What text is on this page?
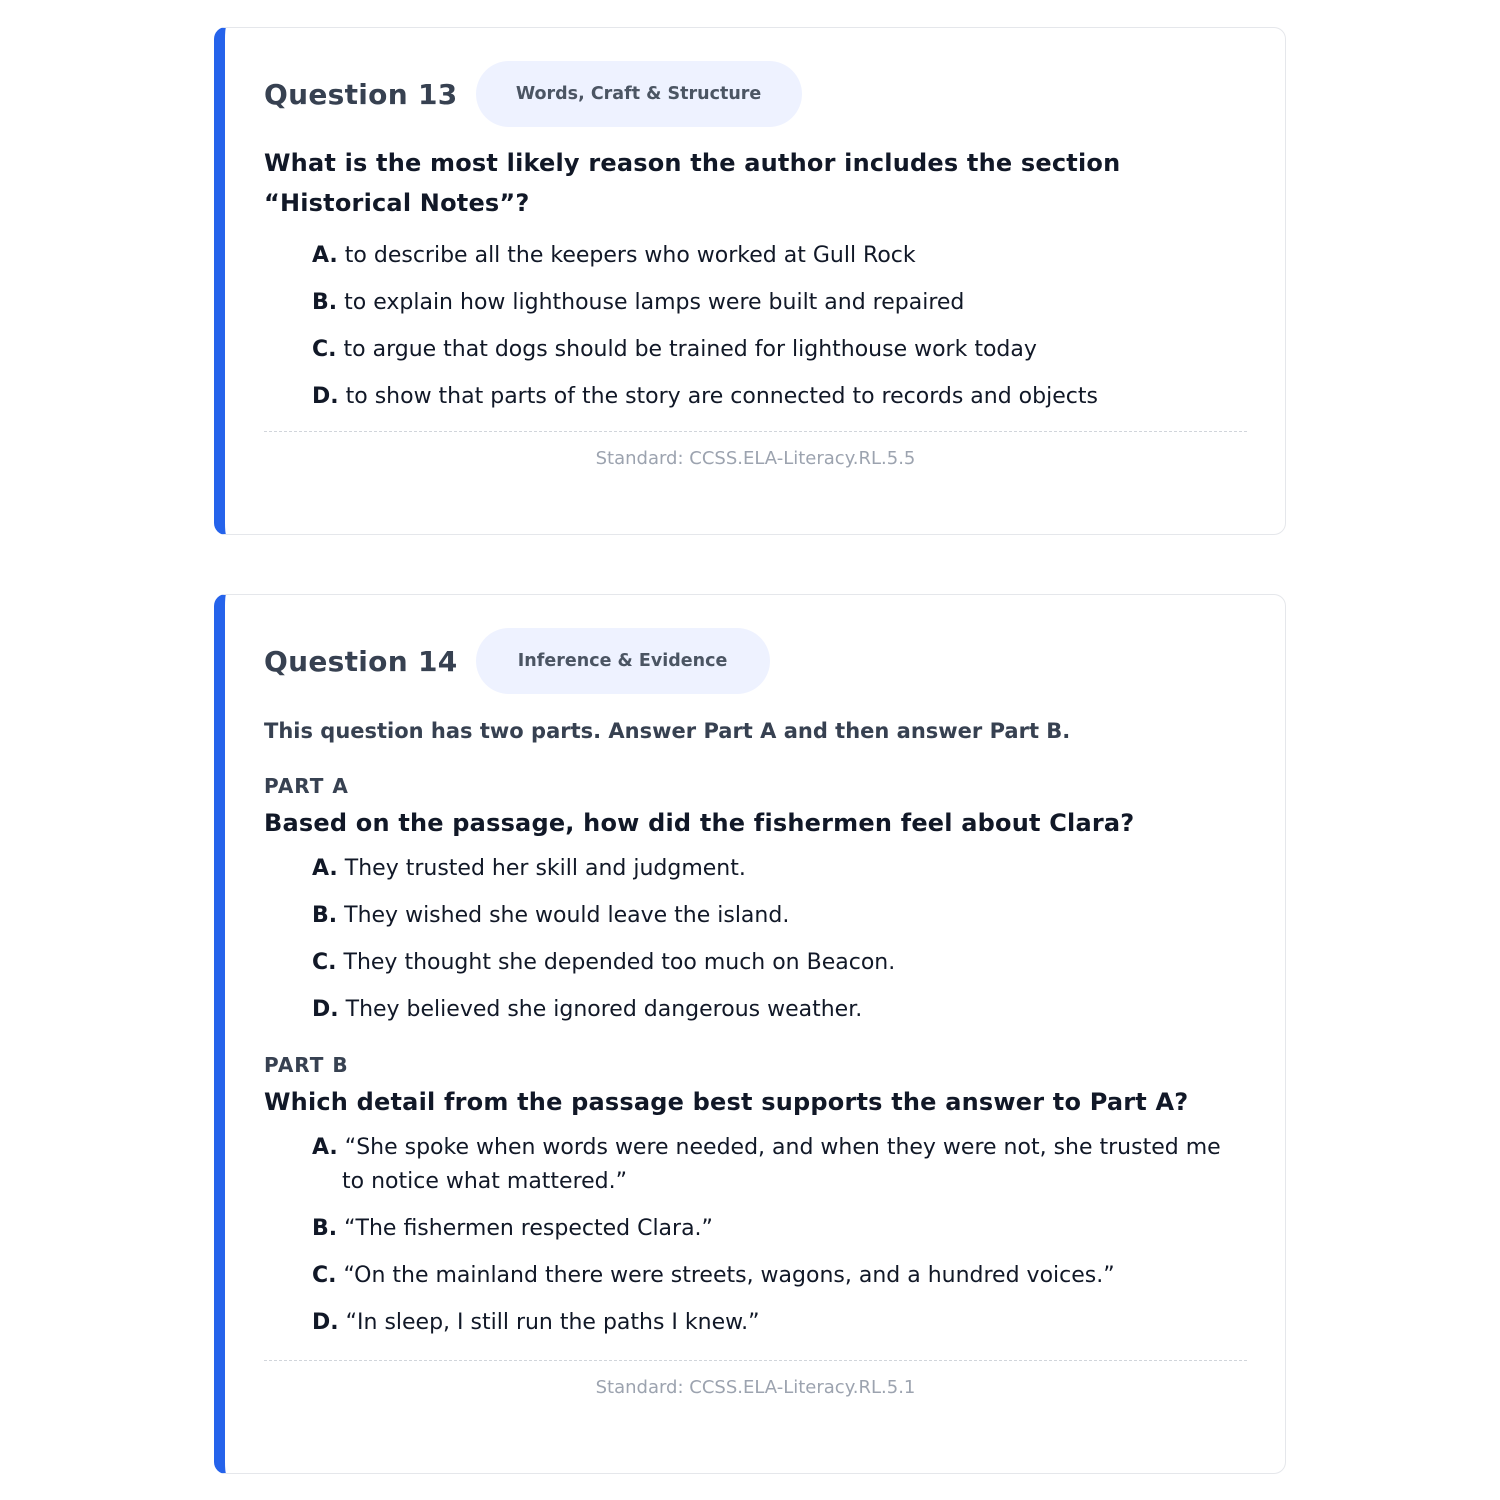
Question 13	Words, Craft & Structure
What is the most likely reason the author includes the section “Historical Notes”?
A. to describe all the keepers who worked at Gull Rock
B. to explain how lighthouse lamps were built and repaired
C. to argue that dogs should be trained for lighthouse work today
D. to show that parts of the story are connected to records and objects
Standard: CCSS.ELA-Literacy.RL.5.5
Question 14	Inference & Evidence
This question has two parts. Answer Part A and then answer Part B.
PART A
Based on the passage, how did the fishermen feel about Clara?
A. They trusted her skill and judgment.
B. They wished she would leave the island.
C. They thought she depended too much on Beacon.
D. They believed she ignored dangerous weather.
PART B
Which detail from the passage best supports the answer to Part A?
A. “She spoke when words were needed, and when they were not, she trusted me to notice what mattered.”
B. “The fishermen respected Clara.”
C. “On the mainland there were streets, wagons, and a hundred voices.”
D. “In sleep, I still run the paths I knew.”
Standard: CCSS.ELA-Literacy.RL.5.1
